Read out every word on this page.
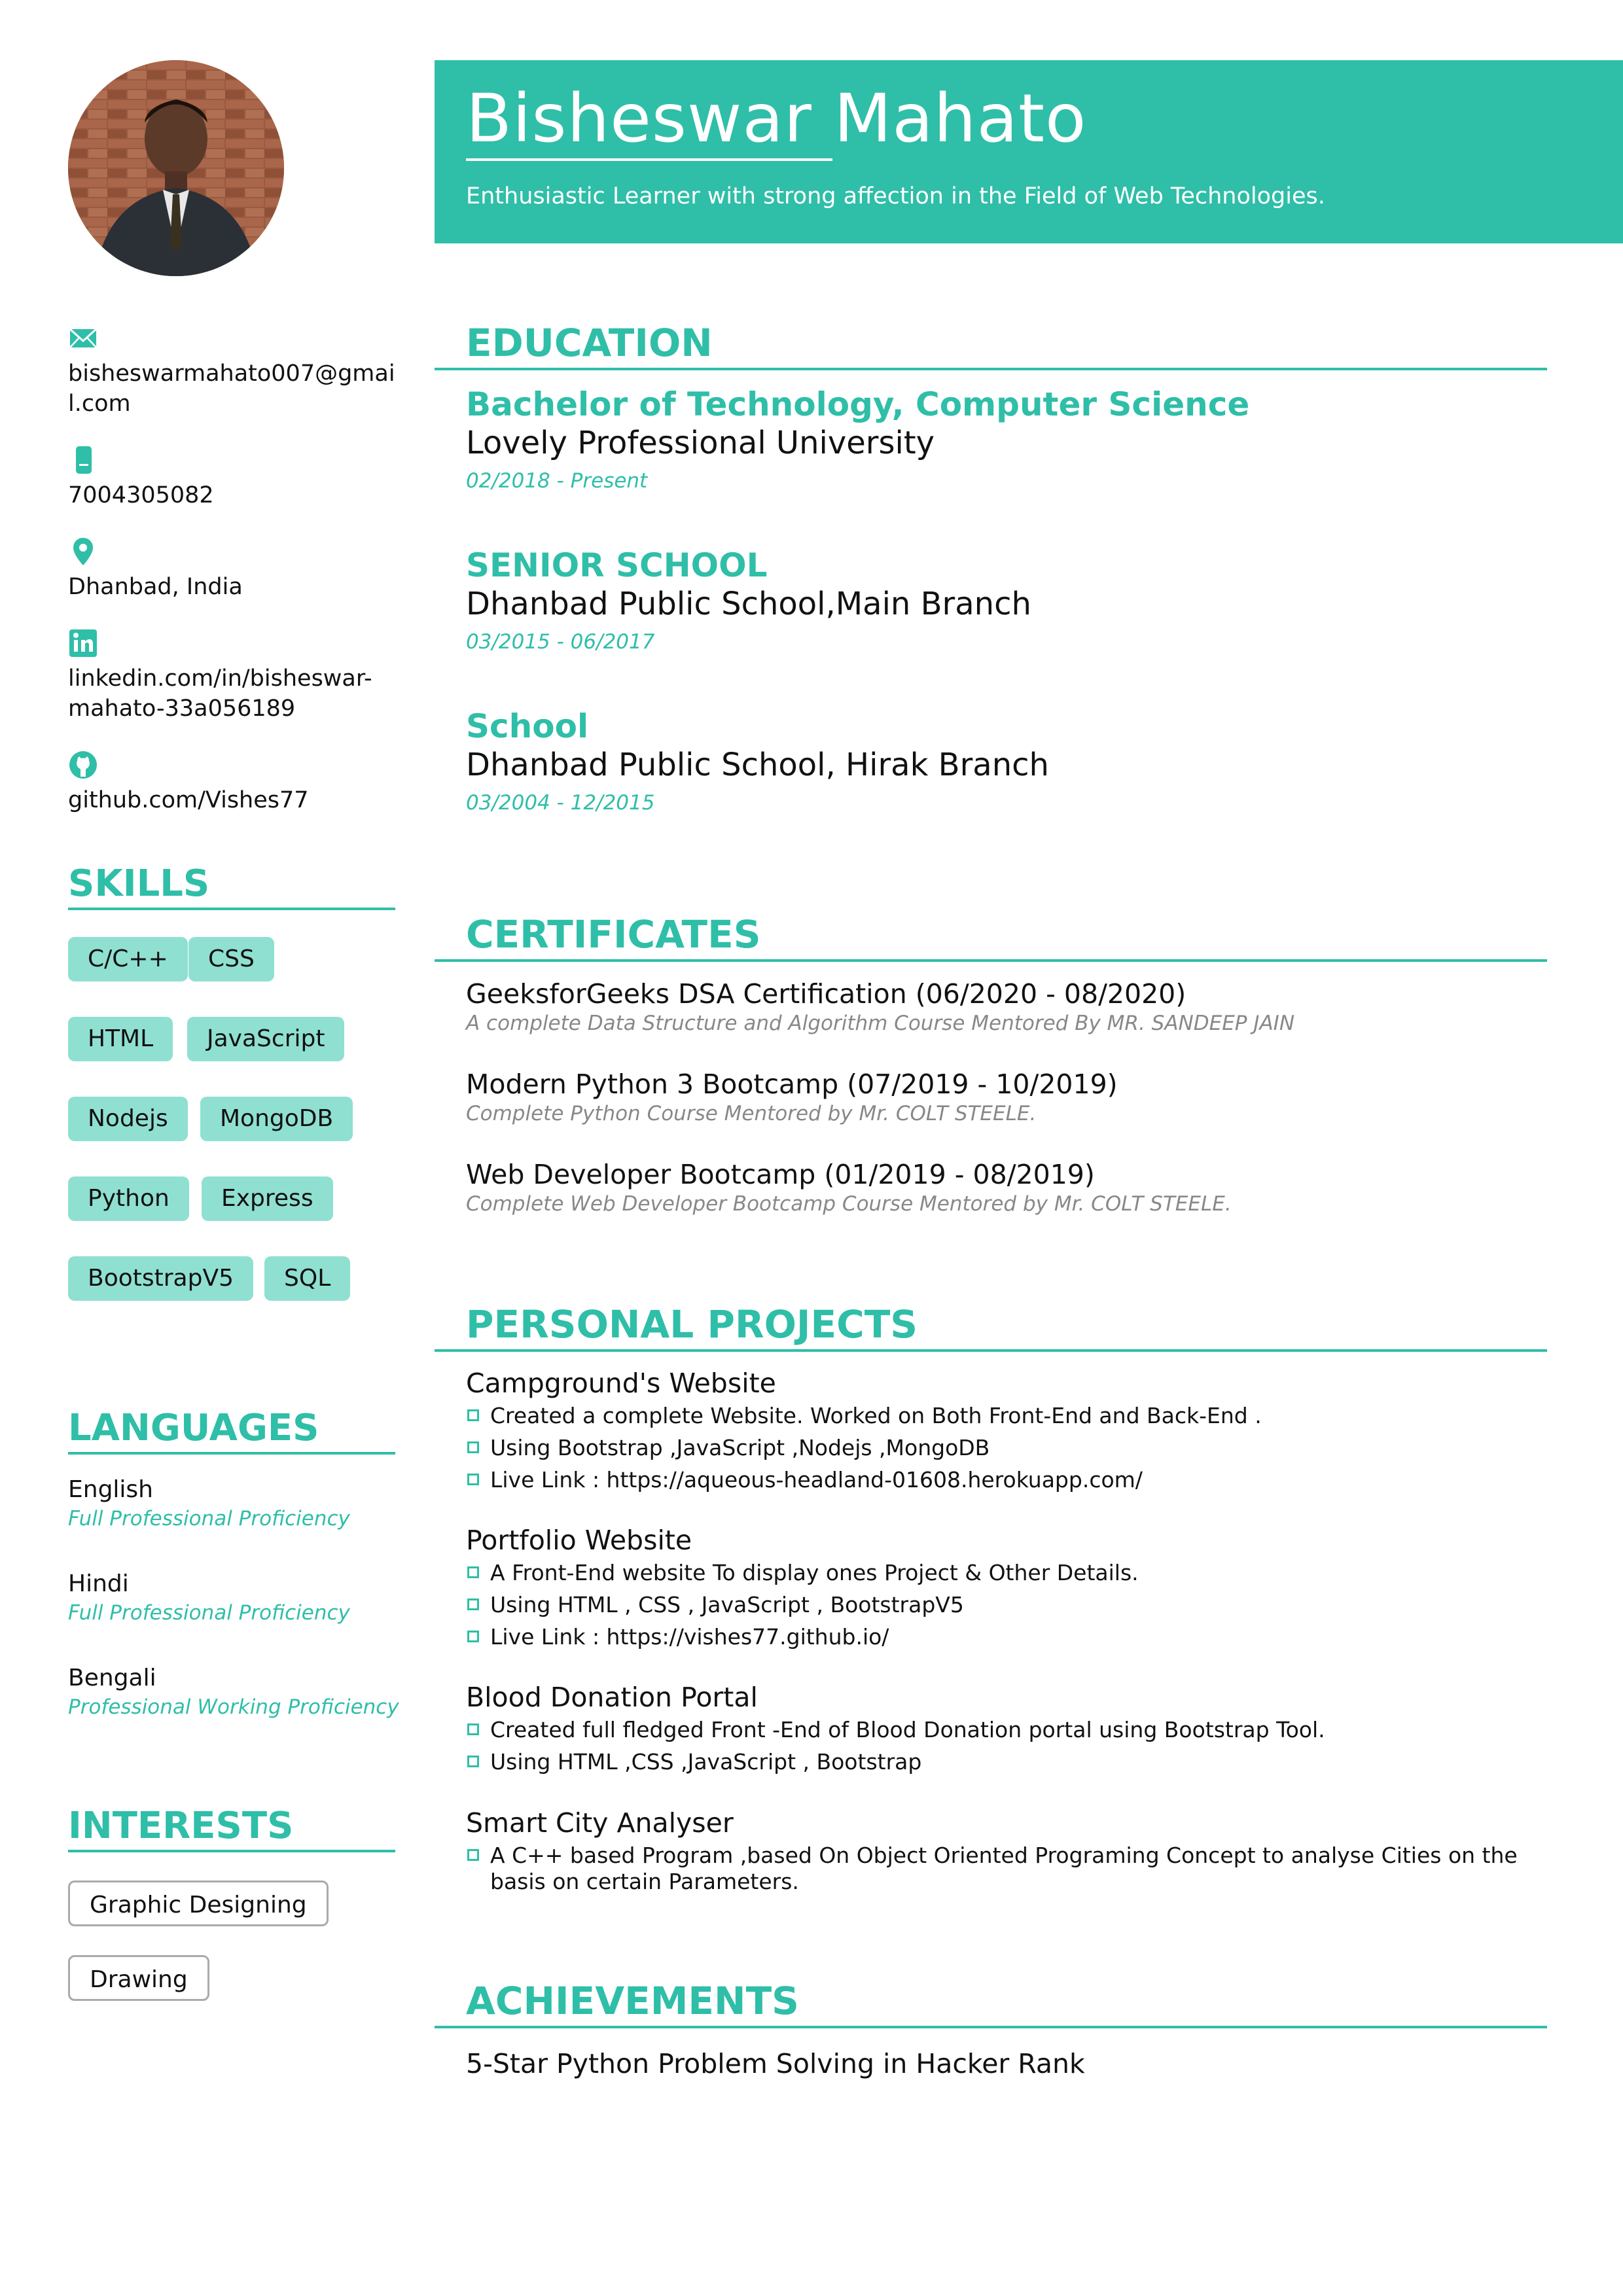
Bisheswar Mahato
Enthusiastic Learner with strong affection in the Field of Web Technologies.
bisheswarmahato007@gmail.com
7004305082
Dhanbad, India
linkedin.com/in/bisheswar-mahato-33a056189
github.com/Vishes77
SKILLS
C/C++	CSS
HTML	JavaScript
Nodejs	MongoDB
Python	Express
BootstrapV5	SQL
LANGUAGES
English
Full Professional Proficiency
Hindi
Full Professional Proficiency
Bengali
Professional Working Proficiency
INTERESTS
Graphic Designing
Drawing
EDUCATION
Bachelor of Technology, Computer Science
Lovely Professional University
02/2018 - Present
SENIOR SCHOOL
Dhanbad Public School,Main Branch
03/2015 - 06/2017
School
Dhanbad Public School, Hirak Branch
03/2004 - 12/2015
CERTIFICATES
GeeksforGeeks DSA Certification (06/2020 - 08/2020)
A complete Data Structure and Algorithm Course Mentored By MR. SANDEEP JAIN
Modern Python 3 Bootcamp (07/2019 - 10/2019)
Complete Python Course Mentored by Mr. COLT STEELE.
Web Developer Bootcamp (01/2019 - 08/2019)
Complete Web Developer Bootcamp Course Mentored by Mr. COLT STEELE.
PERSONAL PROJECTS
Campground's Website
Created a complete Website. Worked on Both Front-End and Back-End .
Using Bootstrap ,JavaScript ,Nodejs ,MongoDB
Live Link : https://aqueous-headland-01608.herokuapp.com/
Portfolio Website
A Front-End website To display ones Project & Other Details.
Using HTML , CSS , JavaScript , BootstrapV5
Live Link : https://vishes77.github.io/
Blood Donation Portal
Created full fledged Front -End of Blood Donation portal using Bootstrap Tool.
Using HTML ,CSS ,JavaScript , Bootstrap
Smart City Analyser
A C++ based Program ,based On Object Oriented Programing Concept to analyse Cities on the basis on certain Parameters.
ACHIEVEMENTS
5-Star Python Problem Solving in Hacker Rank
